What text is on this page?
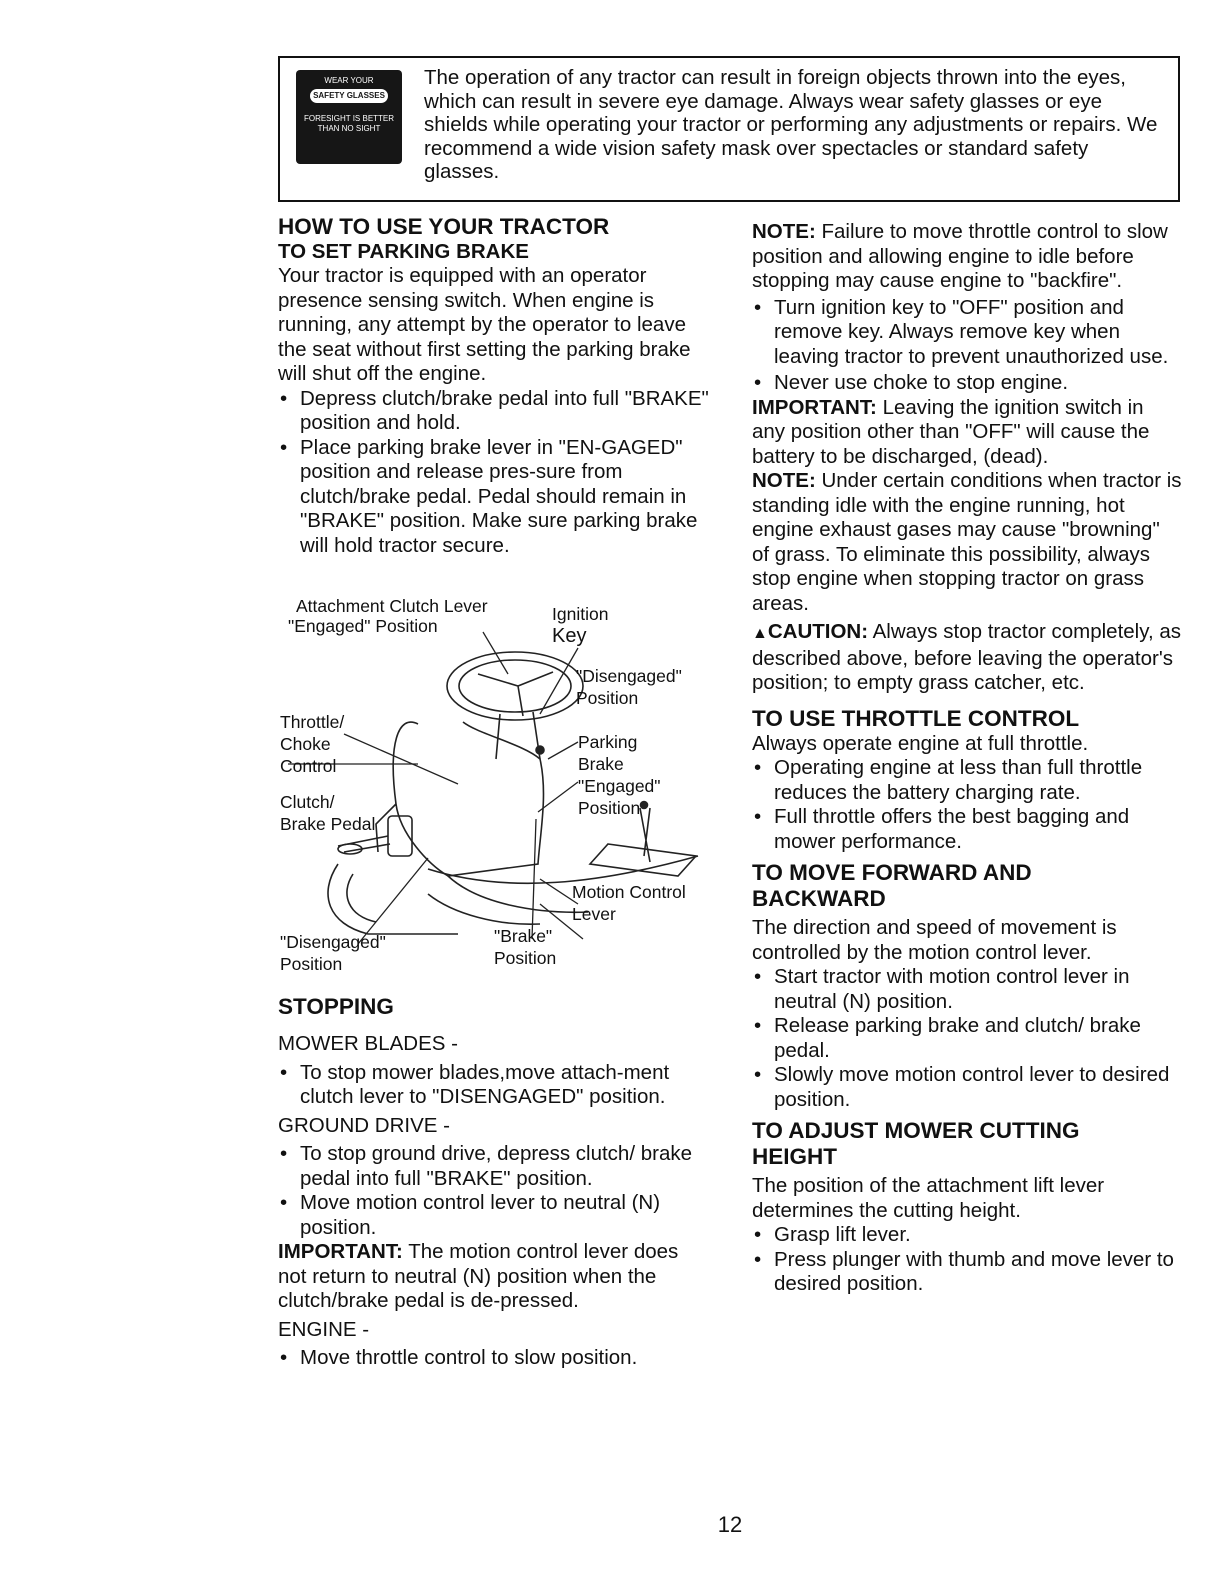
WEAR YOUR
SAFETY GLASSES
FORESIGHT IS BETTER
THAN NO SIGHT
The operation of any tractor can result in foreign objects thrown into the eyes, which can result in severe eye damage. Always wear safety glasses or eye shields while operating your tractor or performing any adjustments or repairs. We recommend a wide vision safety mask over spectacles or standard safety glasses.
HOW TO USE YOUR TRACTOR
TO SET PARKING BRAKE

Your tractor is equipped with an operator presence sensing switch. When engine is running, any attempt by the operator to leave the seat without first setting the parking brake will shut off the engine.

• Depress clutch/brake pedal into full "BRAKE" position and hold.

• Place parking brake lever in "EN-GAGED" position and release pres-sure from clutch/brake pedal. Pedal should remain in "BRAKE" position. Make sure parking brake will hold tractor secure.

Attachment Clutch Lever
"Engaged" Position
Ignition
Key
"Disengaged"
Position
Throttle/
Choke
Control
Parking
Brake
"Engaged"
Position
Clutch/
Brake Pedal
Motion Control
Lever
"Disengaged"
Position
"Brake"
Position
STOPPING

MOWER BLADES -

• To stop mower blades,move attach-ment clutch lever to "DISENGAGED" position.

GROUND DRIVE -

• To stop ground drive, depress clutch/ brake pedal into full "BRAKE" position.

• Move motion control lever to neutral (N) position.

IMPORTANT: The motion control lever does not return to neutral (N) position when the clutch/brake pedal is de-pressed.

ENGINE -

• Move throttle control to slow position.

NOTE: Failure to move throttle control to slow position and allowing engine to idle before stopping may cause engine to "backfire".

• Turn ignition key to "OFF" position and remove key. Always remove key when leaving tractor to prevent unauthorized use.

• Never use choke to stop engine.

IMPORTANT: Leaving the ignition switch in any position other than "OFF" will cause the battery to be discharged, (dead).

NOTE: Under certain conditions when tractor is standing idle with the engine running, hot engine exhaust gases may cause "browning" of grass. To eliminate this possibility, always stop engine when stopping tractor on grass areas.

▲CAUTION: Always stop tractor completely, as described above, before leaving the operator's position; to empty grass catcher, etc.

TO USE THROTTLE CONTROL

Always operate engine at full throttle.

• Operating engine at less than full throttle reduces the battery charging rate.

• Full throttle offers the best bagging and mower performance.

TO MOVE FORWARD AND BACKWARD

The direction and speed of movement is controlled by the motion control lever.

• Start tractor with motion control lever in neutral (N) position.

• Release parking brake and clutch/ brake pedal.

• Slowly move motion control lever to desired position.

TO ADJUST MOWER CUTTING HEIGHT

The position of the attachment lift lever determines the cutting height.

• Grasp lift lever.

• Press plunger with thumb and move lever to desired position.

12
